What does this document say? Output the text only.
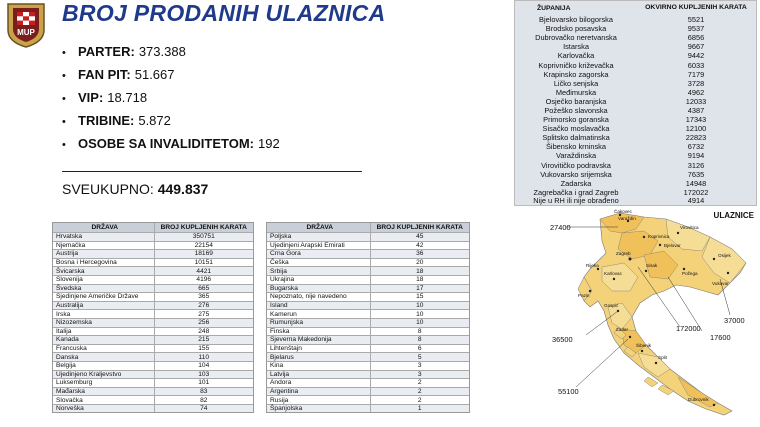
MUP
BROJ PRODANIH ULAZNICA
• PARTER: 373.388
• FAN PIT: 51.667
• VIP: 18.718
• TRIBINE: 5.872
• OSOBE SA INVALIDITETOM: 192
SVEUKUPNO: 449.837
ŽUPANIJA	OKVIRNO KUPLJENIH KARATA
Bjelovarsko bilogorska	5521
Brodsko posavska	9537
Dubrovačko neretvanska	6856
Istarska	9667
Karlovačka	9442
Koprivničko križevačka	6033
Krapinsko zagorska	7179
Ličko senjska	3728
Međimurska	4962
Osječko baranjska	12033
Požeško slavonska	4387
Primorsko goranska	17343
Sisačko moslavačka	12100
Splitsko dalmatinska	22823
Šibensko krninska	6732
Varaždinska	9194
Virovitičko podravska	3126
Vukovarsko srijemska	7635
Zadarska	14948
Zagrebačka i grad Zagreb	172022
Nije u RH ili nije obrađeno	4914
DRŽAVA	BROJ KUPLJENIH KARATA
Hrvatska	350751
Njemačka	22154
Austrija	18169
Bosna i Hercegovina	10151
Švicarska	4421
Slovenija	4196
Švedska	665
Sjedinjene Američke Države	365
Australija	276
Irska	275
Nizozemska	256
Italija	248
Kanada	215
Francuska	155
Danska	110
Belgija	104
Ujedinjeno Kraljevstvo	103
Luksemburg	101
Mađarska	83
Slovačka	82
Norveška	74
DRŽAVA	BROJ KUPLJENIH KARATA
Poljska	45
Ujedinjeni Arapski Emirati	42
Crna Gora	36
Češka	20
Srbija	18
Ukrajina	18
Bugarska	17
Nepoznato, nije navedeno	15
Island	10
Kamerun	10
Rumunjska	10
Finska	8
Sjeverna Makedonija	8
Lihtenštajn	6
Bjelarus	5
Kina	3
Latvija	3
Andora	2
Argentina	2
Rusija	2
Španjolska	1
ULAZNICE
27400
36500
55100
172000
17600
37000
Varaždin
Koprivnica
Bjelovar
Zagreb
Sisak
Karlovac
Rijeka
Gospić
Zadar
Šibenik
Split
Dubrovnik
Osijek
Vukovar
Požega
Pazin
Čakovec
Virovitica
